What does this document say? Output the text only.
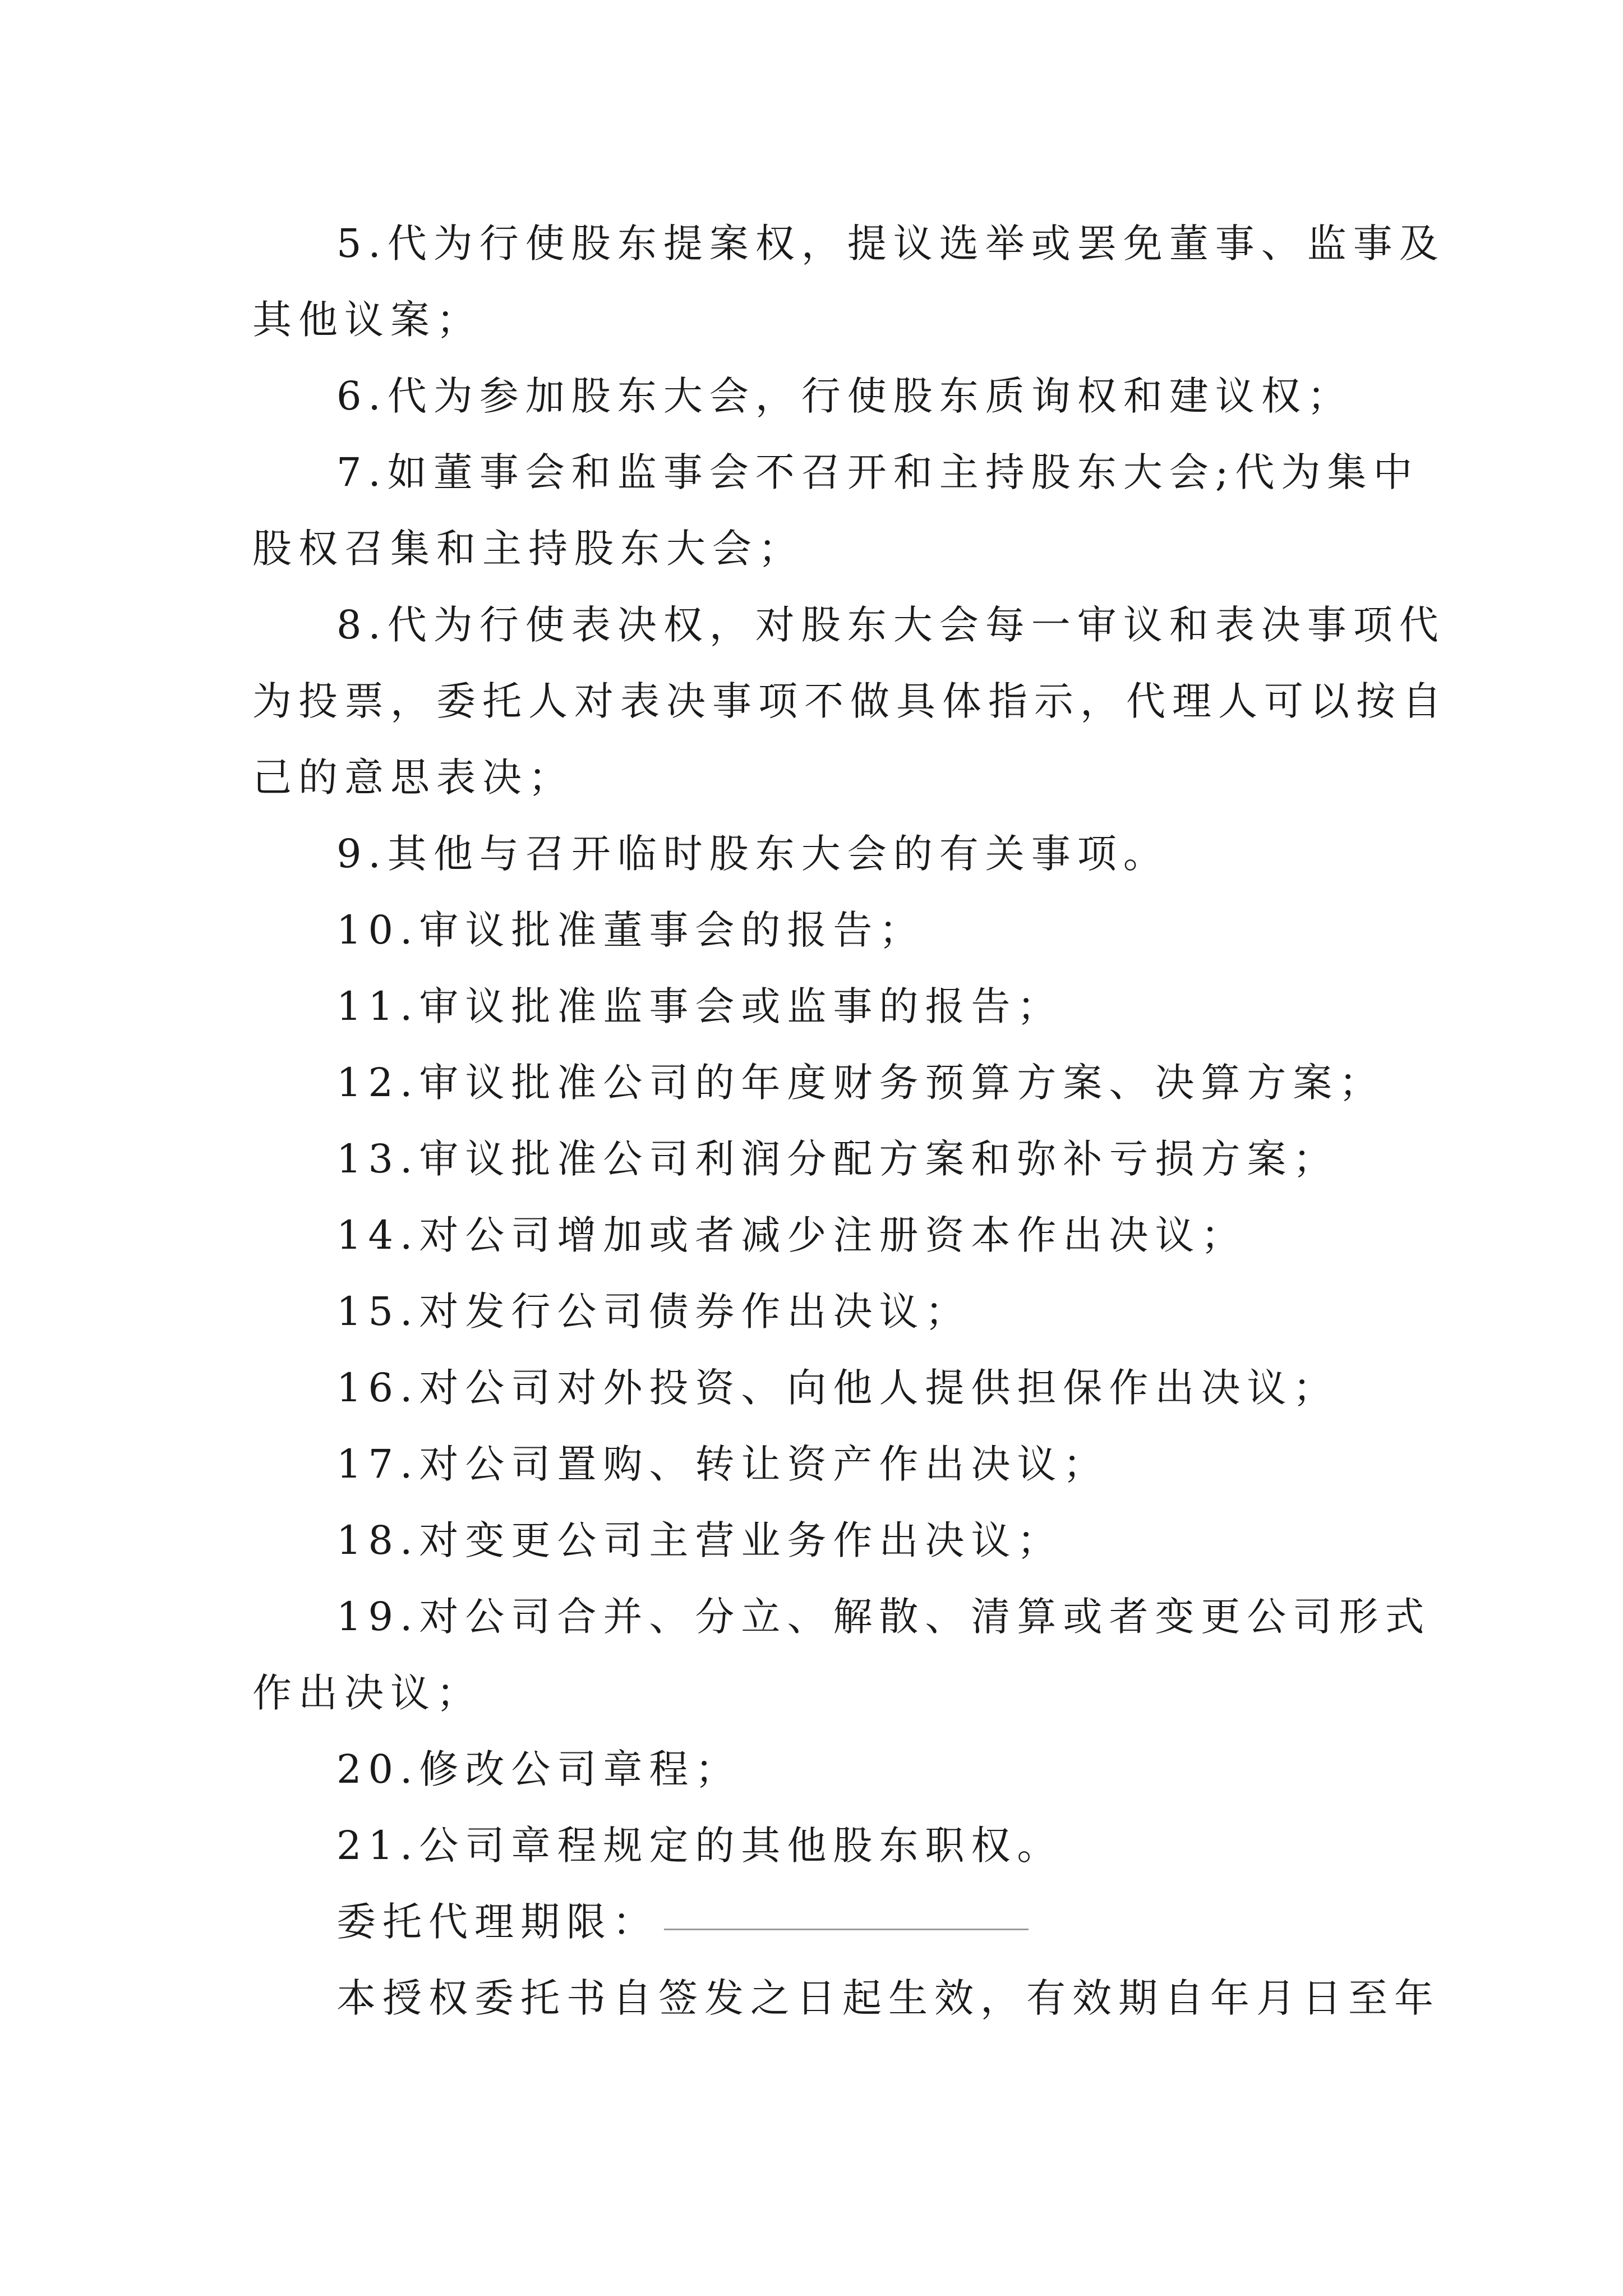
5.代为行使股东提案权，提议选举或罢免董事、监事及
其他议案；
6.代为参加股东大会，行使股东质询权和建议权；
7.如董事会和监事会不召开和主持股东大会;代为集中
股权召集和主持股东大会；
8.代为行使表决权，对股东大会每一审议和表决事项代
为投票，委托人对表决事项不做具体指示，代理人可以按自
己的意思表决；
9.其他与召开临时股东大会的有关事项。
10.审议批准董事会的报告；
11.审议批准监事会或监事的报告；
12.审议批准公司的年度财务预算方案、决算方案；
13.审议批准公司利润分配方案和弥补亏损方案；
14.对公司增加或者减少注册资本作出决议；
15.对发行公司债券作出决议；
16.对公司对外投资、向他人提供担保作出决议；
17.对公司置购、转让资产作出决议；
18.对变更公司主营业务作出决议；
19.对公司合并、分立、解散、清算或者变更公司形式
作出决议；
20.修改公司章程；
21.公司章程规定的其他股东职权。
委托代理期限：
本授权委托书自签发之日起生效，有效期自年月日至年
